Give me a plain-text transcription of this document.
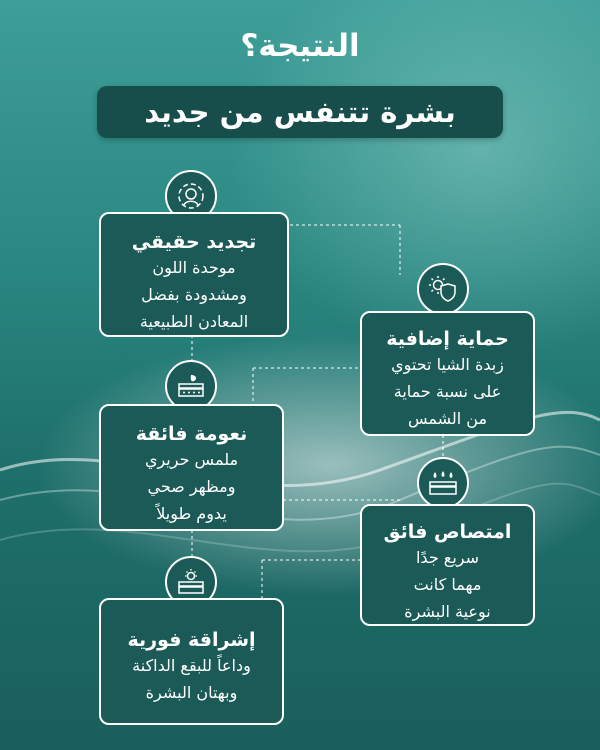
النتيجة؟
بشرة تتنفس من جديد
تجديد حقيقي
موحدة اللون
ومشدودة بفضل
المعادن الطبيعية
حماية إضافية
زبدة الشيا تحتوي
على نسبة حماية
من الشمس
نعومة فائقة
ملمس حريري
ومظهر صحي
يدوم طويلاً
امتصاص فائق
سريع جدًا
مهما كانت
نوعية البشرة
إشراقة فورية
وداعاً للبقع الداكنة
وبهتان البشرة
